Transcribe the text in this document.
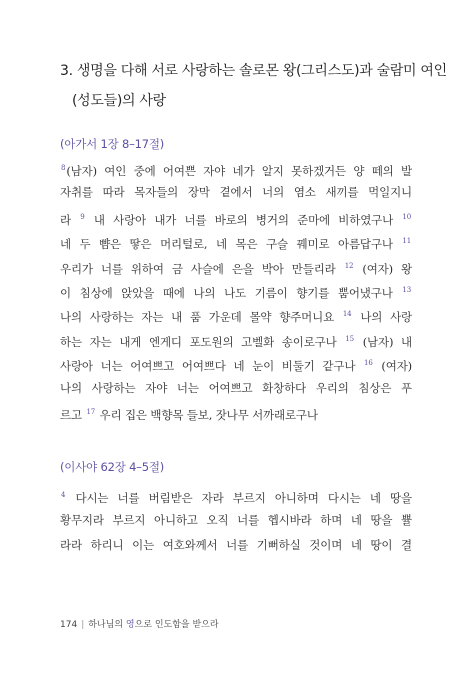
3. 생명을 다해 서로 사랑하는 솔로몬 왕(그리스도)과 술람미 여인
(성도들)의 사랑
(아가서 1장 8–17절)
$^8$(남자) 여인 중에 어여쁜 자야 네가 알지 못하겠거든 양 떼의 발
자취를 따라 목자들의 장막 곁에서 너의 염소 새끼를 먹일지니
라 $^9$ 내 사랑아 내가 너를 바로의 병거의 준마에 비하였구나 $^{10}$
네 두 뺨은 땋은 머리털로, 네 목은 구슬 꿰미로 아름답구나 $^{11}$
우리가 너를 위하여 금 사슬에 은을 박아 만들리라 $^{12}$ (여자) 왕
이 침상에 앉았을 때에 나의 나도 기름이 향기를 뿜어냈구나 $^{13}$
나의 사랑하는 자는 내 품 가운데 몰약 향주머니요 $^{14}$ 나의 사랑
하는 자는 내게 엔게디 포도원의 고벨화 송이로구나 $^{15}$ (남자) 내
사랑아 너는 어여쁘고 어여쁘다 네 눈이 비둘기 같구나 $^{16}$ (여자)
나의 사랑하는 자야 너는 어여쁘고 화창하다 우리의 침상은 푸
르고 $^{17}$ 우리 집은 백향목 들보, 잣나무 서까래로구나
(이사야 62장 4–5절)
$^4$ 다시는 너를 버림받은 자라 부르지 아니하며 다시는 네 땅을
황무지라 부르지 아니하고 오직 너를 헵시바라 하며 네 땅을 쁄
라라 하리니 이는 여호와께서 너를 기뻐하실 것이며 네 땅이 결
174 | 하나님의 영으로 인도함을 받으라
